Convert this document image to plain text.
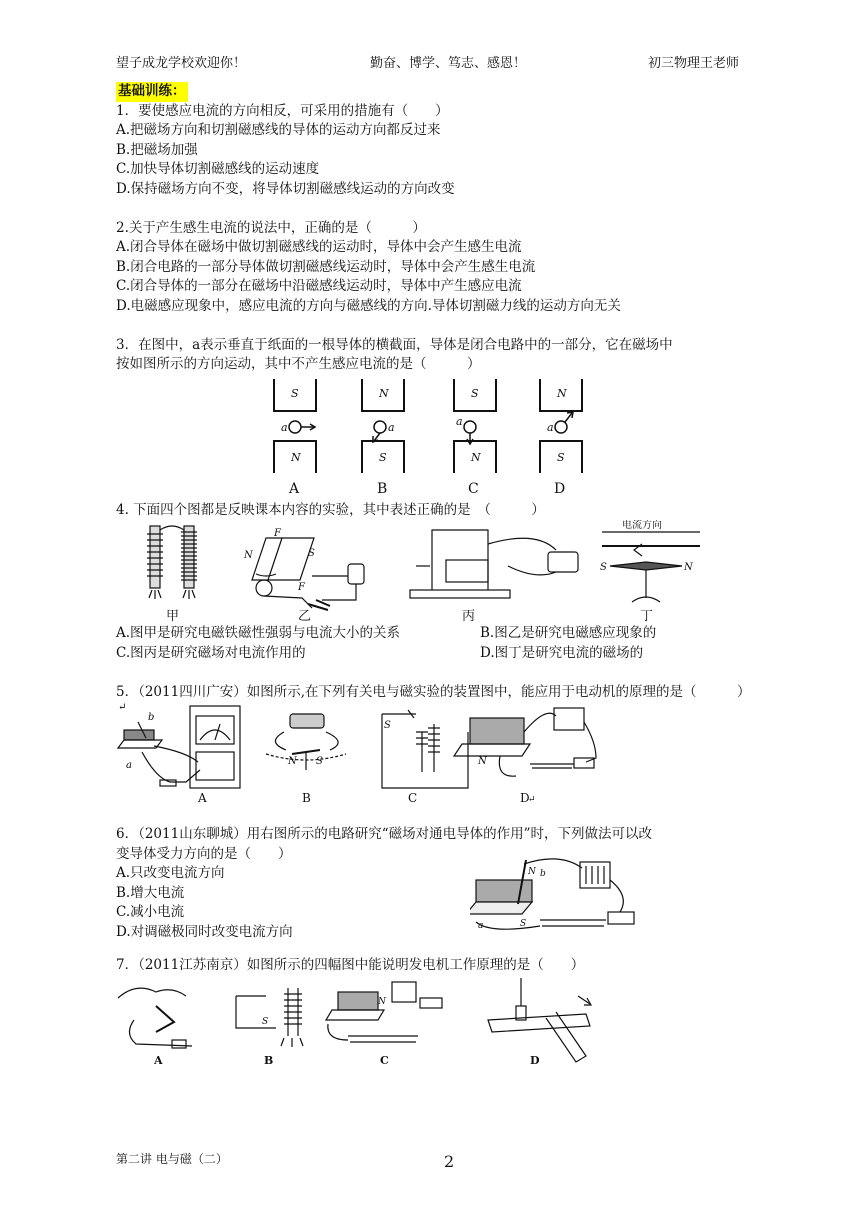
望子成龙学校欢迎你！	勤奋、博学、笃志、感恩！	初三物理王老师
基础训练：
1．要使感应电流的方向相反，可采用的措施有（　　）
A.把磁场方向和切割磁感线的导体的运动方向都反过来
B.把磁场加强
C.加快导体切割磁感线的运动速度
D.保持磁场方向不变，将导体切割磁感线运动的方向改变
2.关于产生感生电流的说法中，正确的是（　　　）
A.闭合导体在磁场中做切割磁感线的运动时，导体中会产生感生电流
B.闭合电路的一部分导体做切割磁感线运动时，导体中会产生感生电流
C.闭合导体的一部分在磁场中沿磁感线运动时，导体中产生感应电流
D.电磁感应现象中，感应电流的方向与磁感线的方向.导体切割磁力线的运动方向无关
3．在图中，a表示垂直于纸面的一根导体的横截面，导体是闭合电路中的一部分，它在磁场中
按如图所示的方向运动，其中不产生感应电流的是（　　　）
S
N
a
N
S
a
S
N
a
N
S
a
A	B	C	D
4. 下面四个图都是反映课本内容的实验，其中表述正确的是　（　　　）
F
N	S
F
电流方向
S	N
甲	乙	丙	丁
A.图甲是研究电磁铁磁性强弱与电流大小的关系	B.图乙是研究电磁感应现象的
C.图丙是研究磁场对电流作用的	D.图丁是研究电流的磁场的
5．（2011四川广安）如图所示,在下列有关电与磁实验的装置图中，能应用于电动机的原理的是（　　　）
↵
b
a	N S
S
N
A	B	C	D
↵
6．（2011山东聊城）用右图所示的电路研究“磁场对通电导体的作用”时，下列做法可以改
变导体受力方向的是（　　）
A.只改变电流方向
B.增大电流
C.减小电流
D.对调磁极同时改变电流方向
N b
S
a
7．（2011江苏南京）如图所示的四幅图中能说明发电机工作原理的是（　　）
S
N
A	B	C	D
第二讲 电与磁（二）	2
